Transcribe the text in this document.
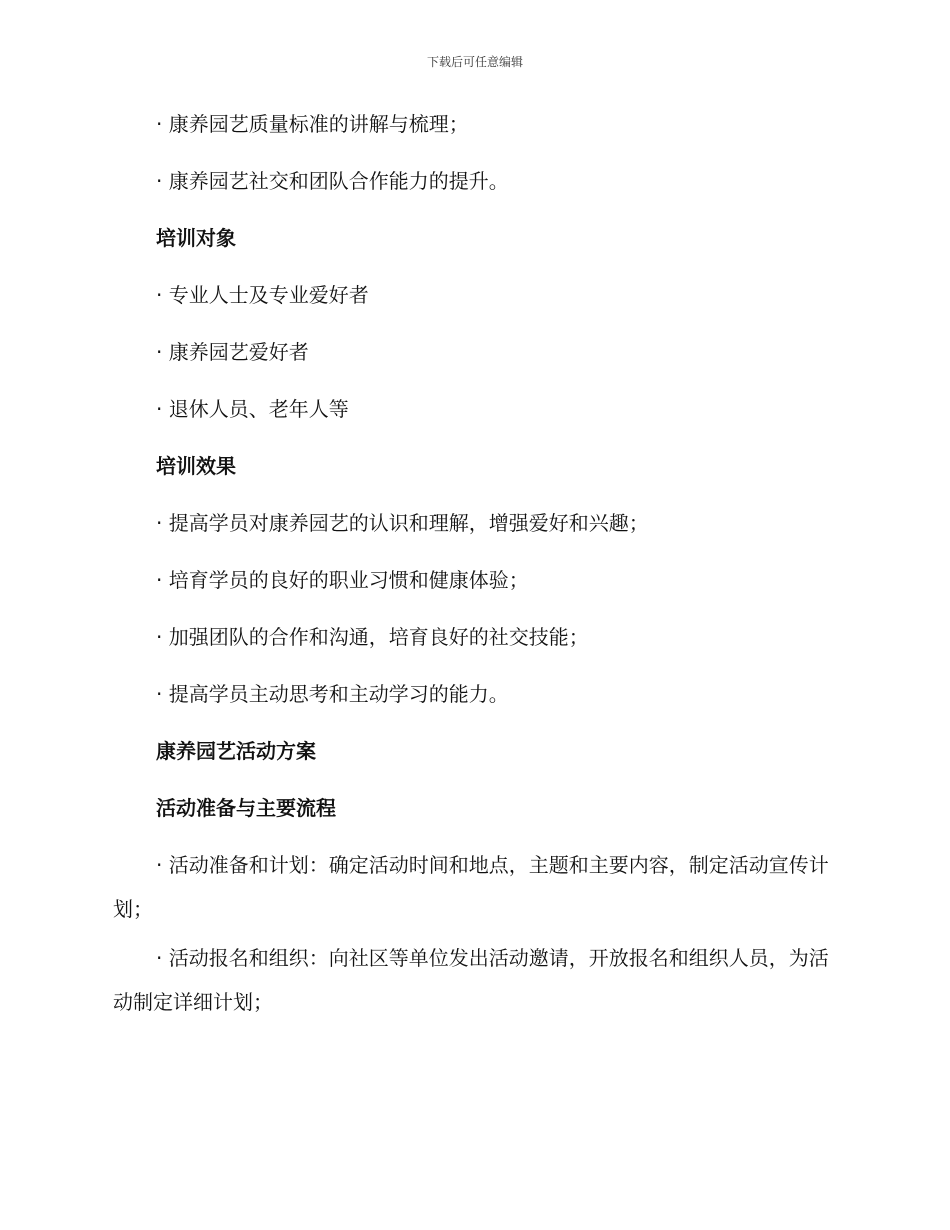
下载后可任意编辑
· 康养园艺质量标准的讲解与梳理；
· 康养园艺社交和团队合作能力的提升。
培训对象
· 专业人士及专业爱好者
· 康养园艺爱好者
· 退休人员、老年人等
培训效果
· 提高学员对康养园艺的认识和理解，增强爱好和兴趣；
· 培育学员的良好的职业习惯和健康体验；
· 加强团队的合作和沟通，培育良好的社交技能；
· 提高学员主动思考和主动学习的能力。
康养园艺活动方案
活动准备与主要流程
· 活动准备和计划：确定活动时间和地点，主题和主要内容，制定活动宣传计划；
· 活动报名和组织：向社区等单位发出活动邀请，开放报名和组织人员，为活动制定详细计划；
